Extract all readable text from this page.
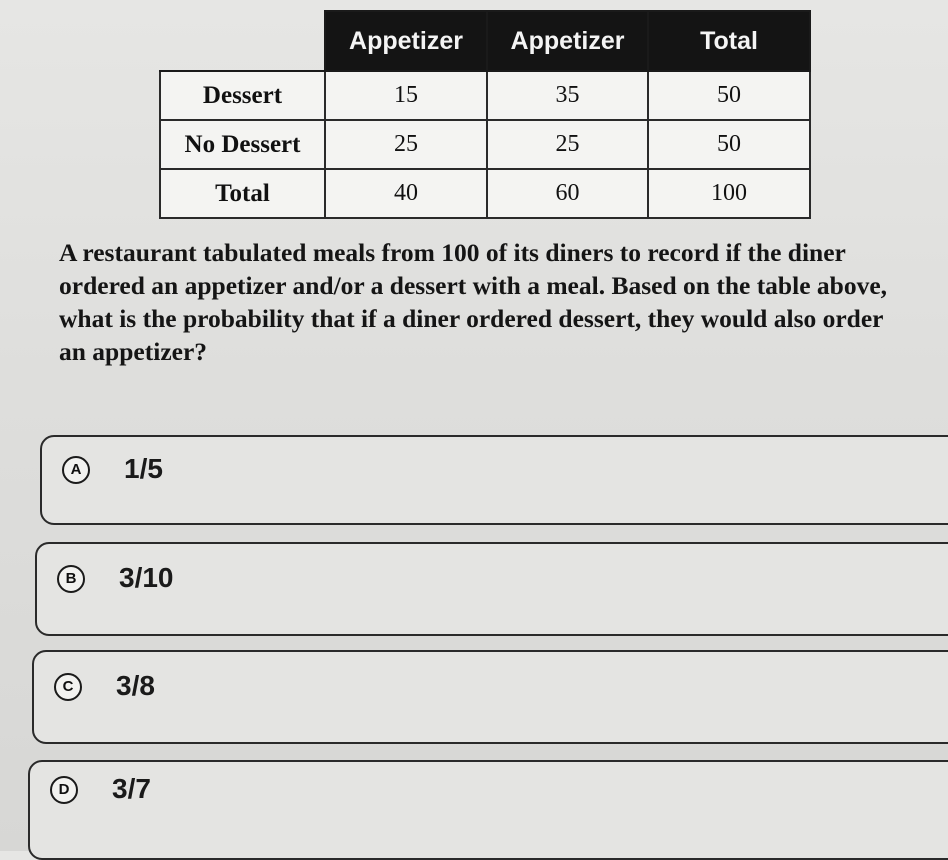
	Appetizer	Appetizer	Total
Dessert	15	35	50
No Dessert	25	25	50
Total	40	60	100

A restaurant tabulated meals from 100 of its diners to record if the diner ordered an appetizer and/or a dessert with a meal. Based on the table above, what is the probability that if a diner ordered dessert, they would also order an appetizer?

A	1/5
B	3/10
C	3/8
D	3/7
